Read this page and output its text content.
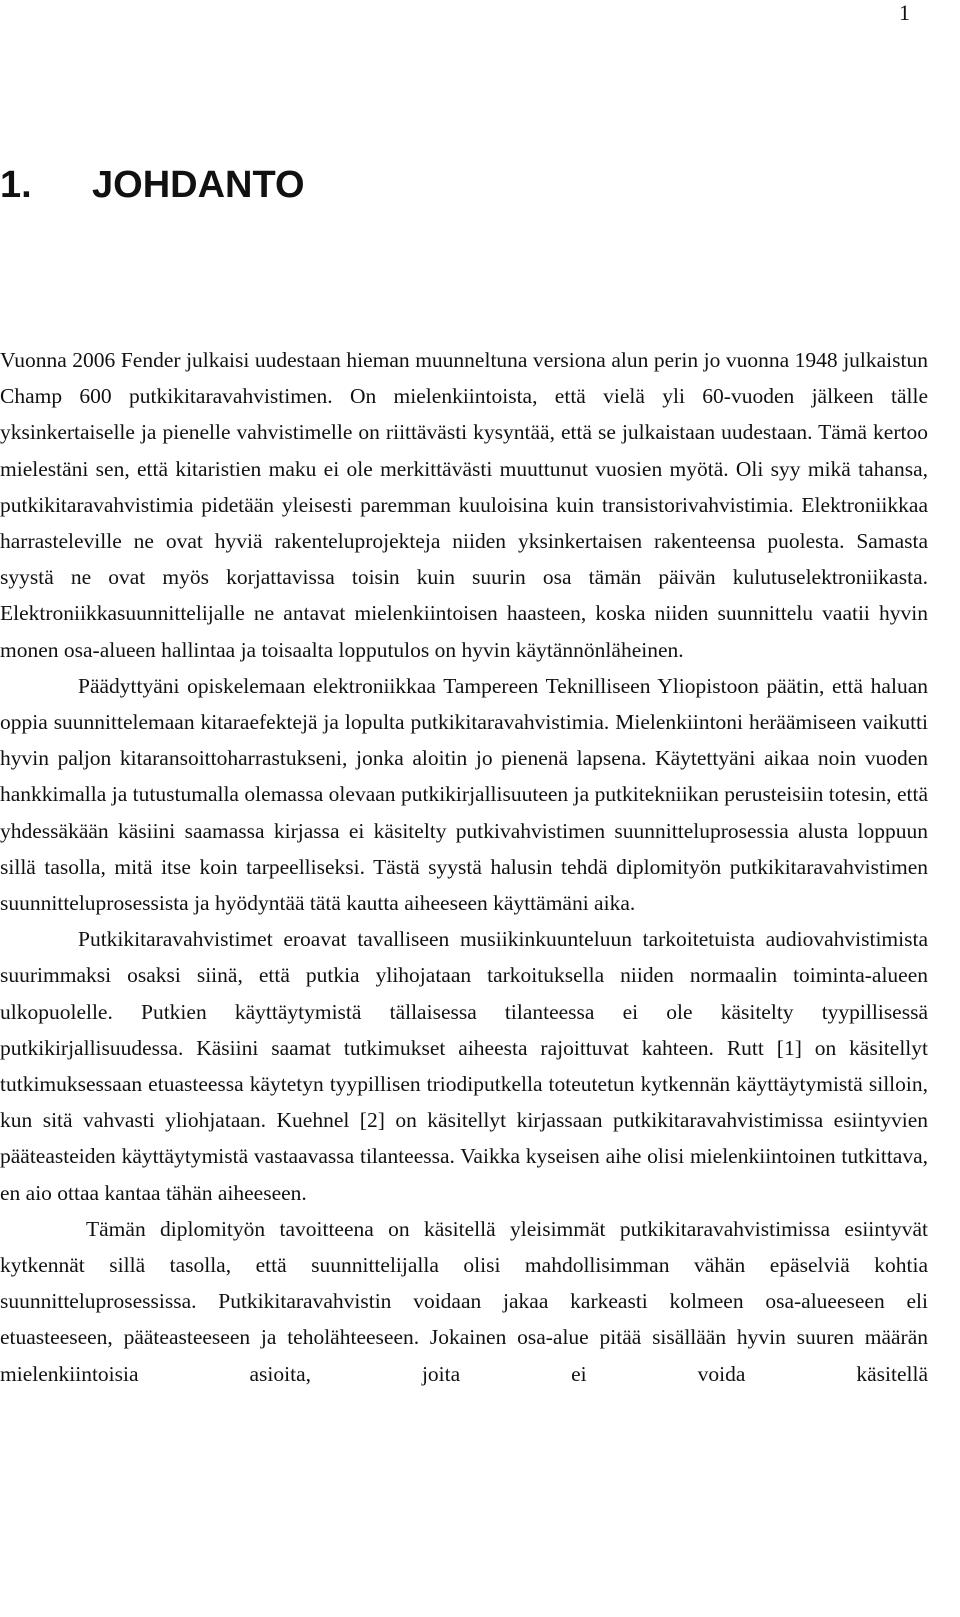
1
1. JOHDANTO

Vuonna 2006 Fender julkaisi uudestaan hieman muunneltuna versiona alun perin jo vuonna 1948 julkaistun Champ 600 putkikitaravahvistimen. On mielenkiintoista, että vielä yli 60-vuoden jälkeen tälle yksinkertaiselle ja pienelle vahvistimelle on riittävästi kysyntää, että se julkaistaan uudestaan. Tämä kertoo mielestäni sen, että kitaristien maku ei ole merkittävästi muuttunut vuosien myötä. Oli syy mikä tahansa, putkikitaravahvistimia pidetään yleisesti paremman kuuloisina kuin transistorivahvistimia. Elektroniikkaa harrasteleville ne ovat hyviä rakenteluprojekteja niiden yksinkertaisen rakenteensa puolesta. Samasta syystä ne ovat myös korjattavissa toisin kuin suurin osa tämän päivän kulutuselektroniikasta. Elektroniikkasuunnittelijalle ne antavat mielenkiintoisen haasteen, koska niiden suunnittelu vaatii hyvin monen osa-alueen hallintaa ja toisaalta lopputulos on hyvin käytännönläheinen.

Päädyttyäni opiskelemaan elektroniikkaa Tampereen Teknilliseen Yliopistoon päätin, että haluan oppia suunnittelemaan kitaraefektejä ja lopulta putkikitaravahvistimia. Mielenkiintoni heräämiseen vaikutti hyvin paljon kitaransoittoharrastukseni, jonka aloitin jo pienenä lapsena. Käytettyäni aikaa noin vuoden hankkimalla ja tutustumalla olemassa olevaan putkikirjallisuuteen ja putkitekniikan perusteisiin totesin, että yhdessäkään käsiini saamassa kirjassa ei käsitelty putkivahvistimen suunnitteluprosessia alusta loppuun sillä tasolla, mitä itse koin tarpeelliseksi. Tästä syystä halusin tehdä diplomityön putkikitaravahvistimen suunnitteluprosessista ja hyödyntää tätä kautta aiheeseen käyttämäni aika.

Putkikitaravahvistimet eroavat tavalliseen musiikinkuunteluun tarkoitetuista audiovahvistimista suurimmaksi osaksi siinä, että putkia ylihojataan tarkoituksella niiden normaalin toiminta-alueen ulkopuolelle. Putkien käyttäytymistä tällaisessa tilanteessa ei ole käsitelty tyypillisessä putkikirjallisuudessa. Käsiini saamat tutkimukset aiheesta rajoittuvat kahteen. Rutt [1] on käsitellyt tutkimuksessaan etuasteessa käytetyn tyypillisen triodiputkella toteutetun kytkennän käyttäytymistä silloin, kun sitä vahvasti yliohjataan. Kuehnel [2] on käsitellyt kirjassaan putkikitaravahvistimissa esiintyvien pääteasteiden käyttäytymistä vastaavassa tilanteessa. Vaikka kyseisen aihe olisi mielenkiintoinen tutkittava, en aio ottaa kantaa tähän aiheeseen.

Tämän diplomityön tavoitteena on käsitellä yleisimmät putkikitaravahvistimissa esiintyvät kytkennät sillä tasolla, että suunnittelijalla olisi mahdollisimman vähän epäselviä kohtia suunnitteluprosessissa. Putkikitaravahvistin voidaan jakaa karkeasti kolmeen osa-alueeseen eli etuasteeseen, pääteasteeseen ja teholähteeseen. Jokainen osa-alue pitää sisällään hyvin suuren määrän mielenkiintoisia asioita, joita ei voida käsitellä
